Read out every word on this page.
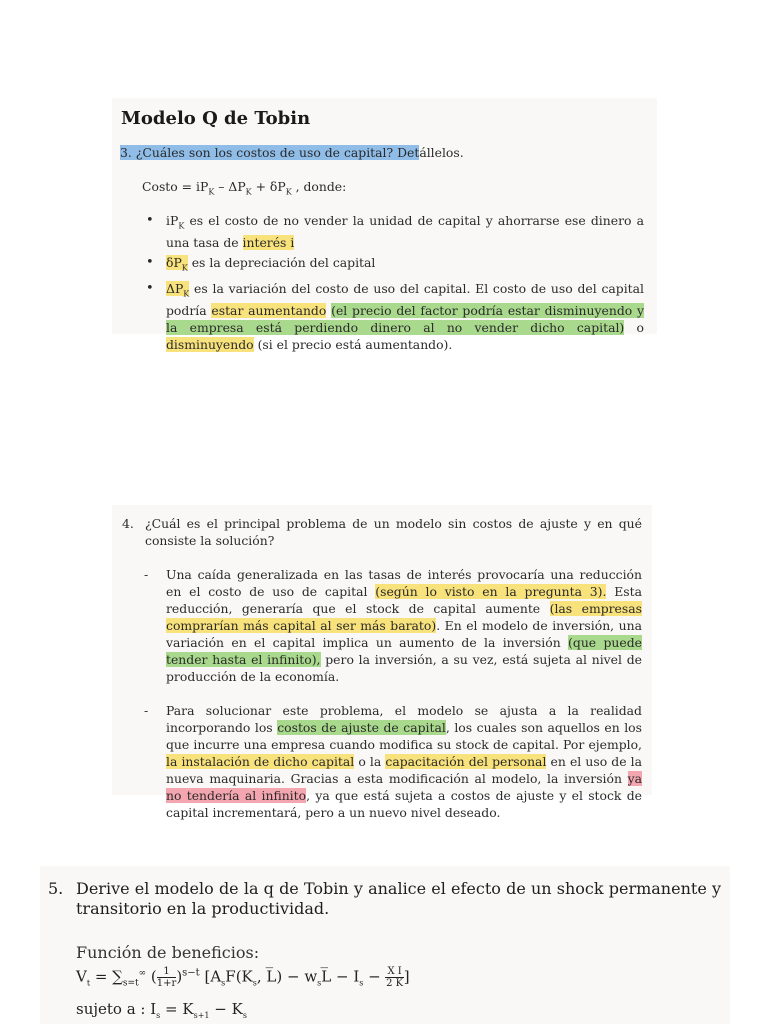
Modelo Q de Tobin
3. ¿Cuáles son los costos de uso de capital? Detállelos.
Costo = $iP_K - \Delta P_K + \delta P_K$ , donde:
• $iP_K$ es el costo de no vender la unidad de capital y ahorrarse ese dinero a una tasa de interés i
• $\delta P_K$ es la depreciación del capital
• $\Delta P_K$ es la variación del costo de uso del capital. El costo de uso del capital podría estar aumentando (el precio del factor podría estar disminuyendo y la empresa está perdiendo dinero al no vender dicho capital) o disminuyendo (si el precio está aumentando).
4. ¿Cuál es el principal problema de un modelo sin costos de ajuste y en qué consiste la solución?
- Una caída generalizada en las tasas de interés provocaría una reducción en el costo de uso de capital (según lo visto en la pregunta 3). Esta reducción, generaría que el stock de capital aumente (las empresas comprarían más capital al ser más barato). En el modelo de inversión, una variación en el capital implica un aumento de la inversión (que puede tender hasta el infinito), pero la inversión, a su vez, está sujeta al nivel de producción de la economía.
- Para solucionar este problema, el modelo se ajusta a la realidad incorporando los costos de ajuste de capital, los cuales son aquellos en los que incurre una empresa cuando modifica su stock de capital. Por ejemplo, la instalación de dicho capital o la capacitación del personal en el uso de la nueva maquinaria. Gracias a esta modificación al modelo, la inversión ya no tendería al infinito, ya que está sujeta a costos de ajuste y el stock de capital incrementará, pero a un nuevo nivel deseado.
5. Derive el modelo de la q de Tobin y analice el efecto de un shock permanente y transitorio en la productividad.
Función de beneficios:
$V_t = \sum_{s=t}^\infty$ ( $\frac{1}{1+r} )^{s-t}$ [$A_sF(K_s$, L̅) − $w_sL̅ - I_s - \frac{\text{X I}}{2 K}$ ]
sujeto a : $I_s = K_{s+1} - K_s$
